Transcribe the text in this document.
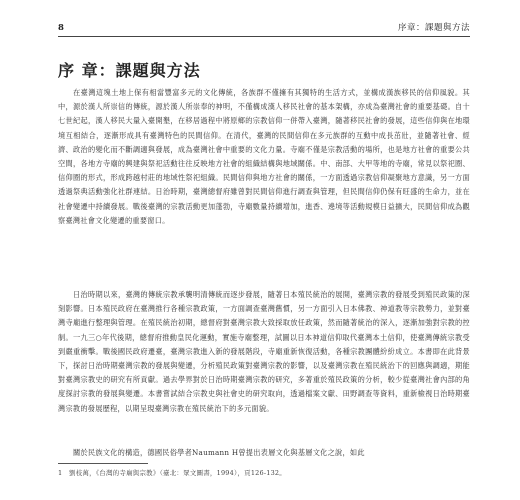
8	序章：課題與方法
序 章：課題與方法

在臺灣這塊土地上保有相當豐富多元的文化傳統，各族群不僅擁有其獨特的生活方式，並構成漢族移民的信仰風貌。其中，源於漢人所崇信的傳統，源於漢人所崇奉的神明，不僅構成漢人移民社會的基本架構，亦成為臺灣社會的重要基礎。自十七世紀起，漢人移民大量入臺開墾，在移居過程中將原鄉的宗教信仰一併帶入臺灣，隨著移民社會的發展，這些信仰與在地環境互相結合，逐漸形成具有臺灣特色的民間信仰。在清代，臺灣的民間信仰在多元族群的互動中成長茁壯，並隨著社會、經濟、政治的變化而不斷調適與發展，成為臺灣社會中重要的文化力量。寺廟不僅是宗教活動的場所，也是地方社會的重要公共空間，各地方寺廟的興建與祭祀活動往往反映地方社會的組織結構與地域關係。中、南部、大甲等地的寺廟，常見以祭祀圈、信仰圈的形式，形成跨越村莊的地域性祭祀組織。民間信仰與地方社會的關係，一方面透過宗教信仰凝聚地方意識，另一方面透過祭典活動強化社群連結。日治時期，臺灣總督府雖曾對民間信仰進行調查與管理，但民間信仰仍保有旺盛的生命力，並在社會變遷中持續發展。戰後臺灣的宗教活動更加蓬勃，寺廟數量持續增加，進香、遶境等活動規模日益擴大，民間信仰成為觀察臺灣社會文化變遷的重要窗口。

日治時期以來，臺灣的傳統宗教承襲明清傳統而逐步發展，隨著日本殖民統治的展開，臺灣宗教的發展受到殖民政策的深刻影響。日本殖民政府在臺灣推行各種宗教政策，一方面調查臺灣舊慣，另一方面引入日本佛教、神道教等宗教勢力，並對臺灣寺廟進行整理與管理。在殖民統治初期，總督府對臺灣宗教大致採取放任政策，然而隨著統治的深入，逐漸加強對宗教的控制。一九三○年代後期，總督府推動皇民化運動，實施寺廟整理，試圖以日本神道信仰取代臺灣本土信仰，使臺灣傳統宗教受到嚴重衝擊。戰後國民政府遷臺，臺灣宗教進入新的發展階段，寺廟重新恢復活動，各種宗教團體紛紛成立。本書即在此背景下，探討日治時期臺灣宗教的發展與變遷，分析殖民政策對臺灣宗教的影響，以及臺灣宗教在殖民統治下的回應與調適，期能對臺灣宗教史的研究有所貢獻。過去學界對於日治時期臺灣宗教的研究，多著重於殖民政策的分析，較少從臺灣社會內部的角度探討宗教的發展與變遷。本書嘗試結合宗教史與社會史的研究取向，透過檔案文獻、田野調查等資料，重新檢視日治時期臺灣宗教的發展歷程，以期呈現臺灣宗教在殖民統治下的多元面貌。

關於民族文化的構造，德國民俗學者Naumann H曾提出表層文化與基層文化之說，如此

1　劉枝萬，《台灣的寺廟與宗教》（臺北：眾文圖書，1994），頁126-132。
